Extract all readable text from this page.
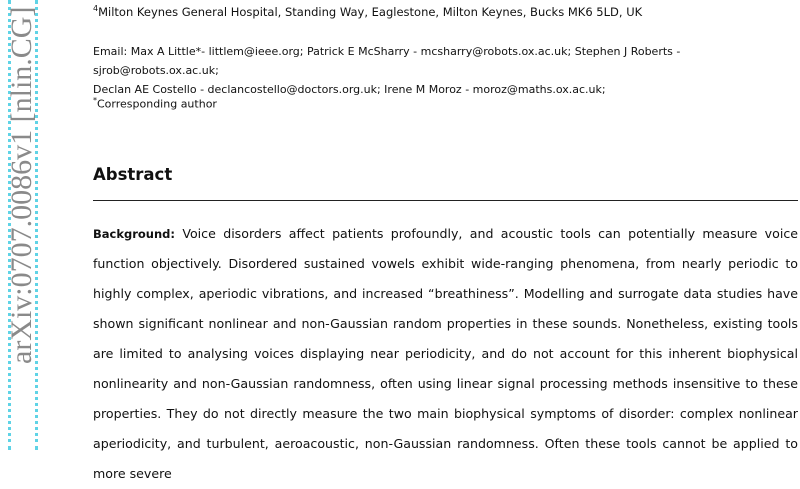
arXiv:0707.0086v1 [nlin.CG]	$^4$Milton Keynes General Hospital, Standing Way, Eaglestone, Milton Keynes, Bucks MK6 5LD, UK
Email: Max A Little*- littlem@ieee.org; Patrick E McSharry - mcsharry@robots.ox.ac.uk; Stephen J Roberts - sjrob@robots.ox.ac.uk;
Declan AE Costello - declancostello@doctors.org.uk; Irene M Moroz - moroz@maths.ox.ac.uk;
*Corresponding author
Abstract
Background: Voice disorders affect patients profoundly, and acoustic tools can potentially measure voice function objectively. Disordered sustained vowels exhibit wide-ranging phenomena, from nearly periodic to highly complex, aperiodic vibrations, and increased “breathiness”. Modelling and surrogate data studies have shown significant nonlinear and non-Gaussian random properties in these sounds. Nonetheless, existing tools are limited to analysing voices displaying near periodicity, and do not account for this inherent biophysical nonlinearity and non-Gaussian randomness, often using linear signal processing methods insensitive to these properties. They do not directly measure the two main biophysical symptoms of disorder: complex nonlinear aperiodicity, and turbulent, aeroacoustic, non-Gaussian randomness. Often these tools cannot be applied to more severe
